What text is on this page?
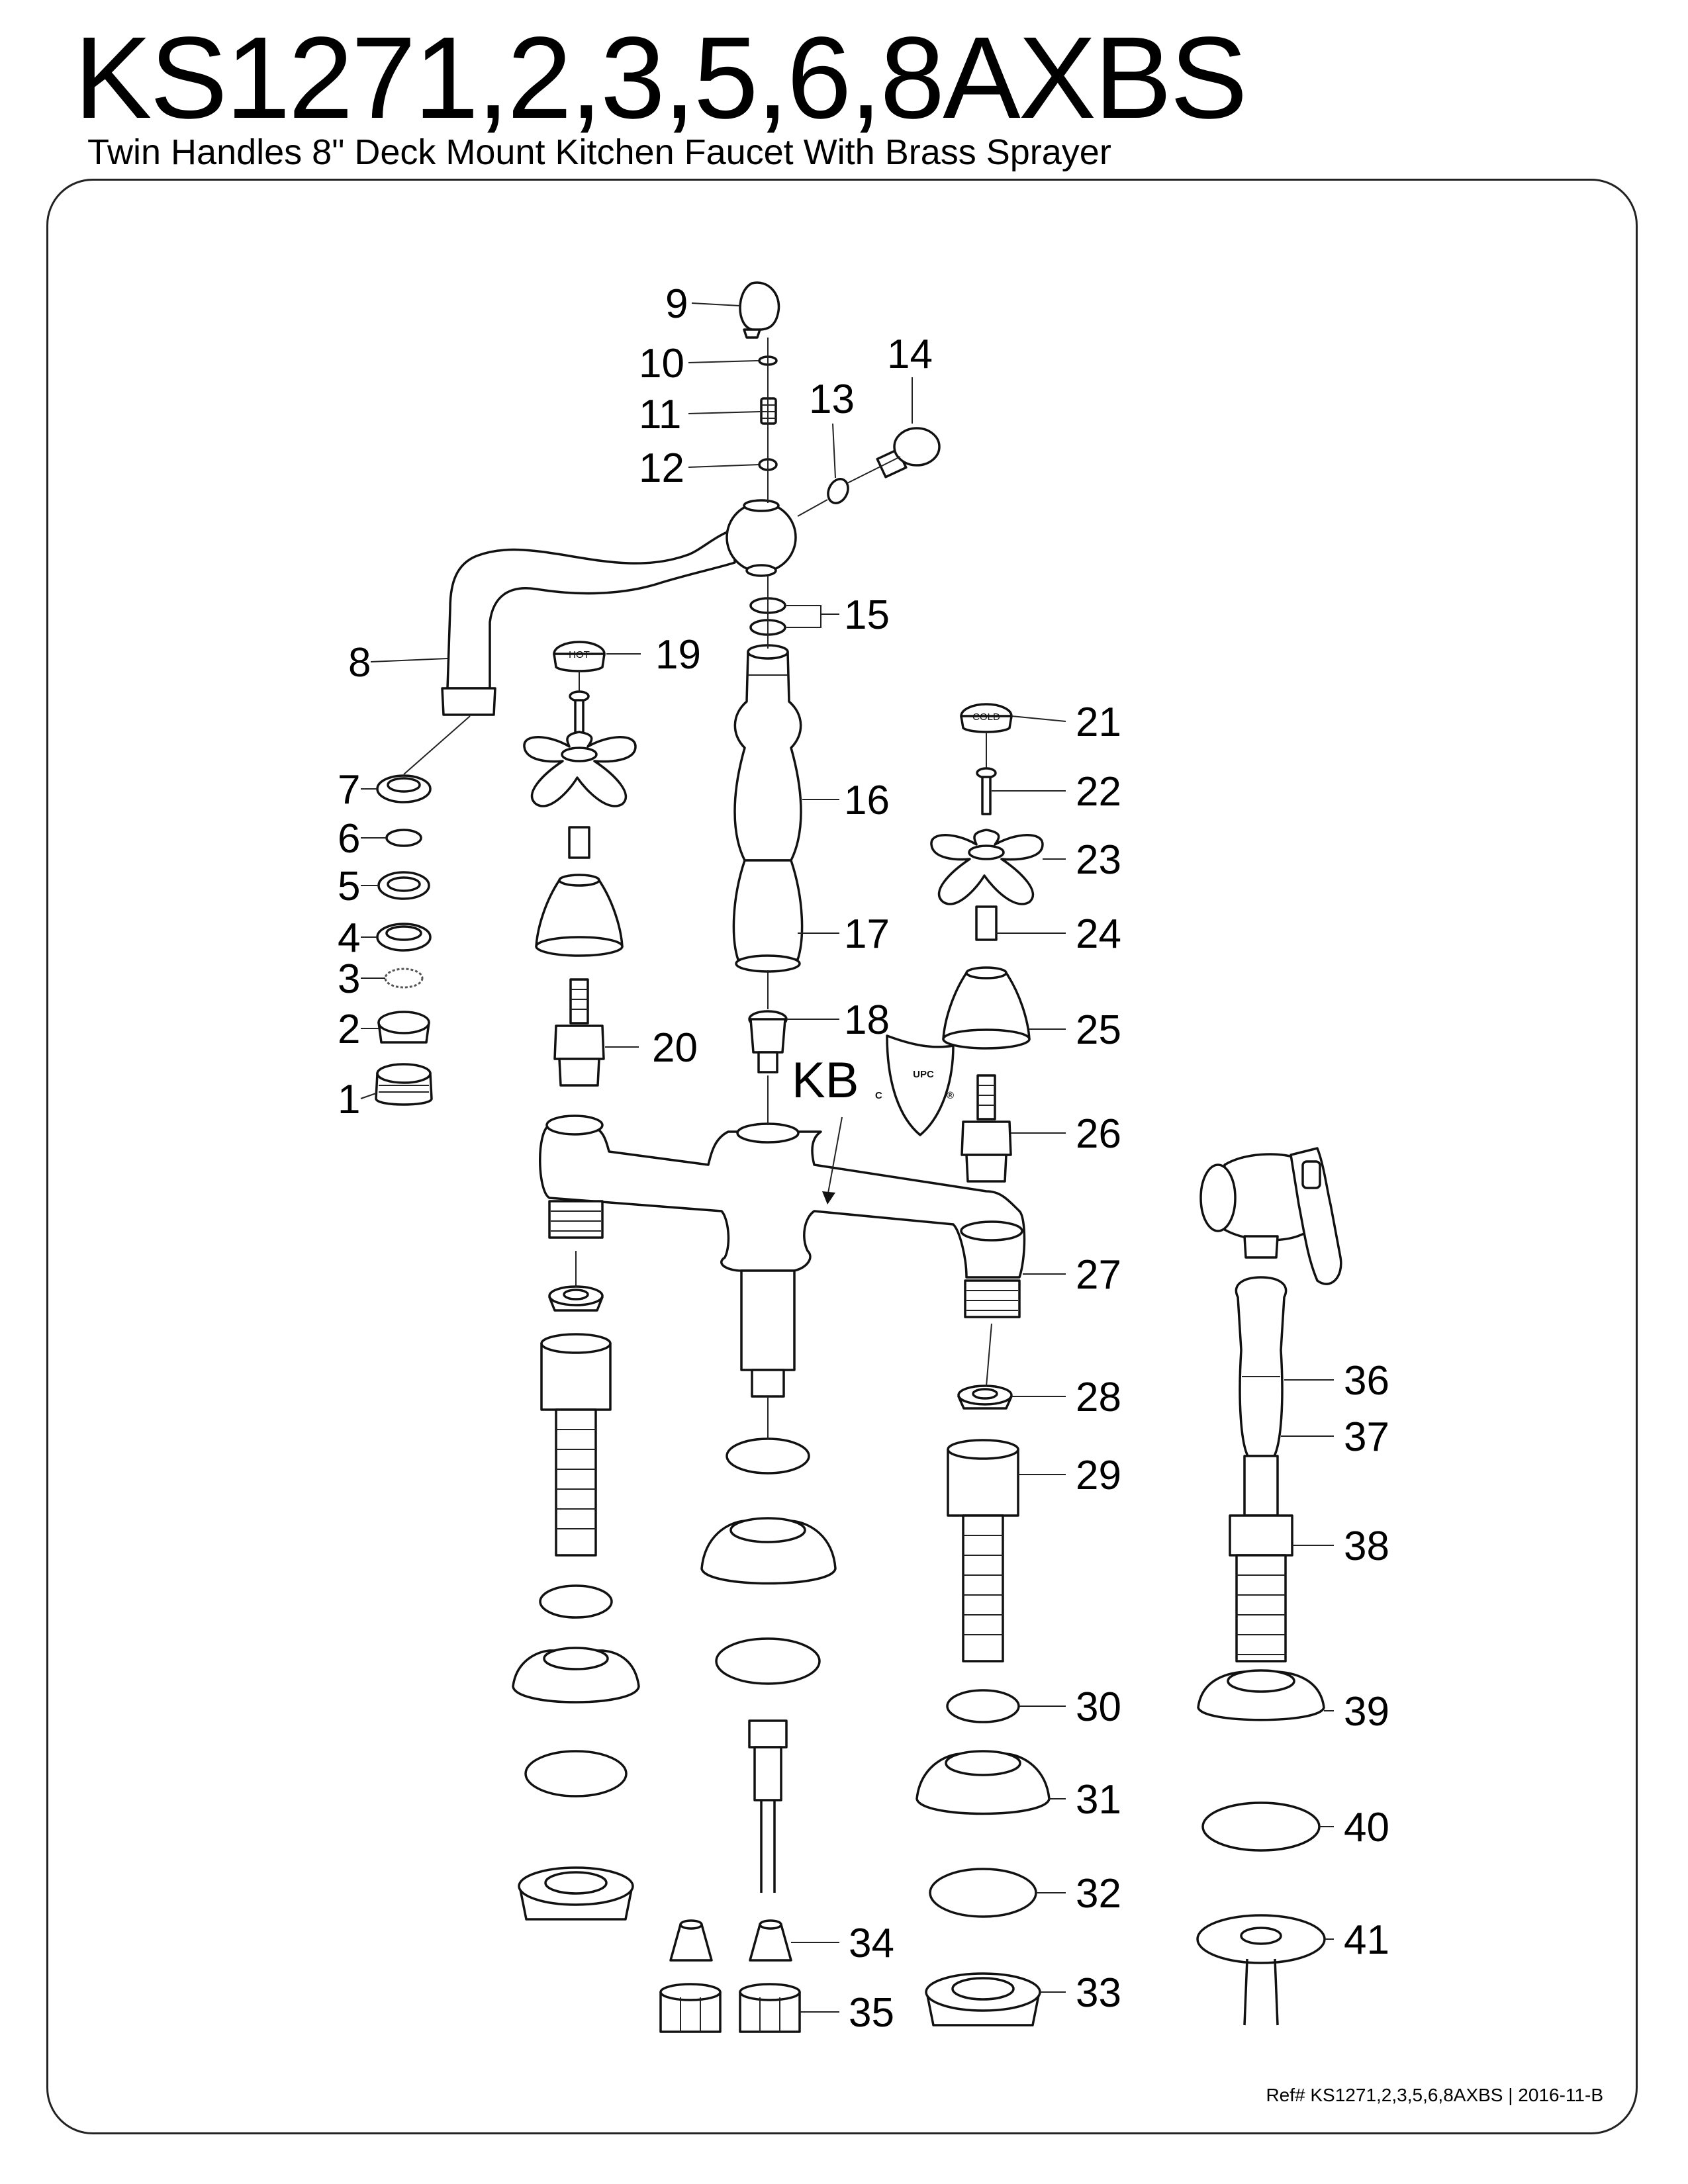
KS1271,2,3,5,6,8AXBS

Twin Handles 8" Deck Mount Kitchen Faucet With Brass Sprayer

HOT
COLD
KB	UPC
C	®
7
6
5
4
3
2
1
8
9
10
11
12
13
14
15
16
17
18
19
20
21
22
23
24
25
26
27
28
29
30
31
32
33
34
35
36
37
38
39
40
41

Ref# KS1271,2,3,5,6,8AXBS | 2016-11-B
